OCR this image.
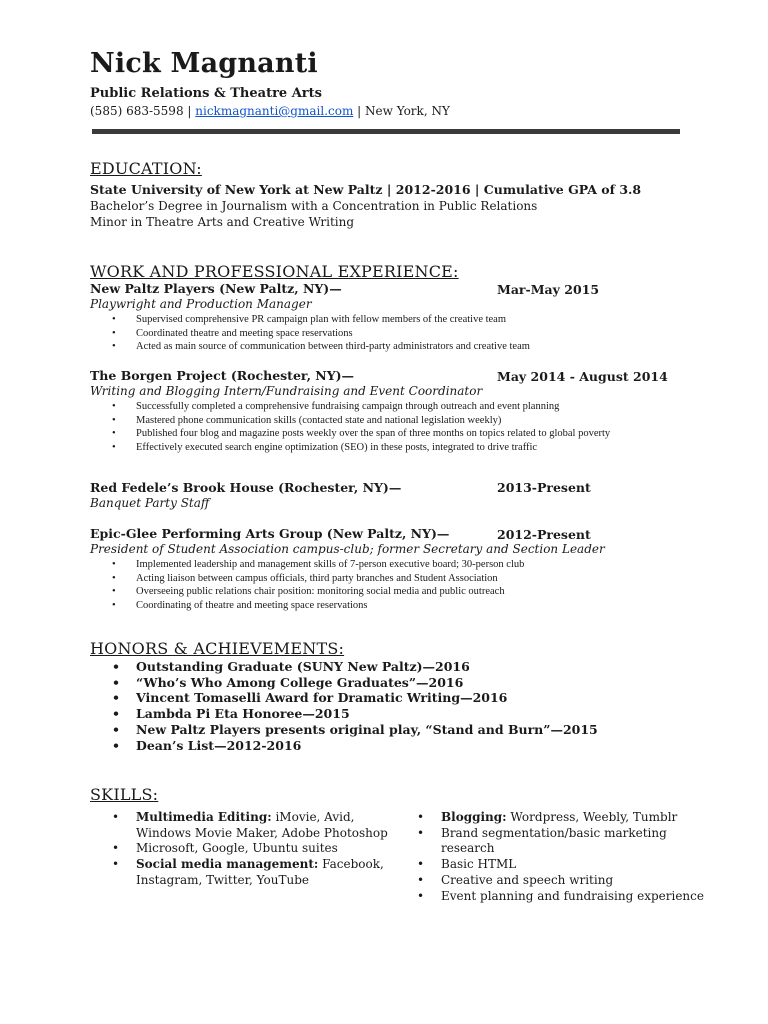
Nick Magnanti
Public Relations & Theatre Arts
(585) 683-5598 | nickmagnanti@gmail.com | New York, NY
EDUCATION:
State University of New York at New Paltz | 2012-2016 | Cumulative GPA of 3.8
Bachelor’s Degree in Journalism with a Concentration in Public Relations
Minor in Theatre Arts and Creative Writing
WORK AND PROFESSIONAL EXPERIENCE:
New Paltz Players (New Paltz, NY)—	Mar-May 2015
Playwright and Production Manager
• Supervised comprehensive PR campaign plan with fellow members of the creative team
• Coordinated theatre and meeting space reservations
• Acted as main source of communication between third-party administrators and creative team
The Borgen Project (Rochester, NY)—	May 2014 - August 2014
Writing and Blogging Intern/Fundraising and Event Coordinator
• Successfully completed a comprehensive fundraising campaign through outreach and event planning
• Mastered phone communication skills (contacted state and national legislation weekly)
• Published four blog and magazine posts weekly over the span of three months on topics related to global poverty
• Effectively executed search engine optimization (SEO) in these posts, integrated to drive traffic
Red Fedele’s Brook House (Rochester, NY)—	2013-Present
Banquet Party Staff
Epic-Glee Performing Arts Group (New Paltz, NY)—	2012-Present
President of Student Association campus-club; former Secretary and Section Leader
• Implemented leadership and management skills of 7-person executive board; 30-person club
• Acting liaison between campus officials, third party branches and Student Association
• Overseeing public relations chair position: monitoring social media and public outreach
• Coordinating of theatre and meeting space reservations
HONORS & ACHIEVEMENTS:
• Outstanding Graduate (SUNY New Paltz)—2016
• “Who’s Who Among College Graduates”—2016
• Vincent Tomaselli Award for Dramatic Writing—2016
• Lambda Pi Eta Honoree—2015
• New Paltz Players presents original play, “Stand and Burn”—2015
• Dean’s List—2012-2016
SKILLS:
• Multimedia Editing: iMovie, Avid,
Windows Movie Maker, Adobe Photoshop
• Microsoft, Google, Ubuntu suites
• Social media management: Facebook,
Instagram, Twitter, YouTube
• Blogging: Wordpress, Weebly, Tumblr
• Brand segmentation/basic marketing
research
• Basic HTML
• Creative and speech writing
• Event planning and fundraising experience
